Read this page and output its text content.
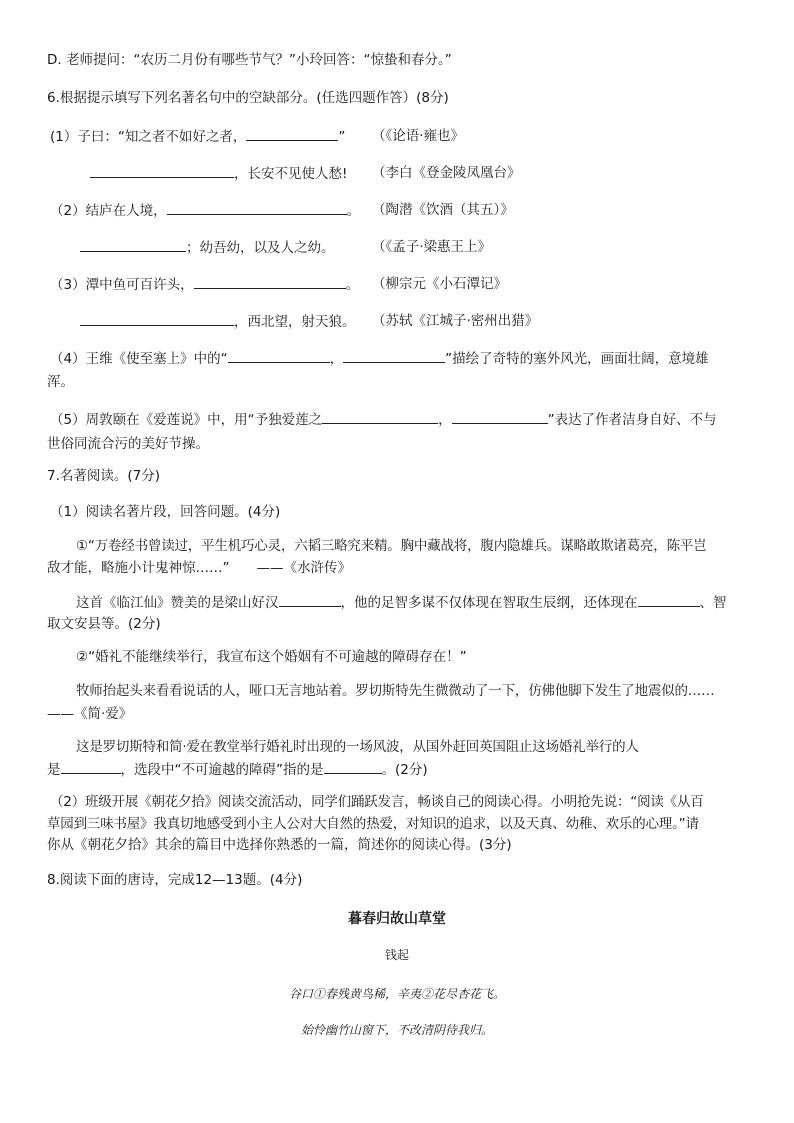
D. 老师提问：“农历二月份有哪些节气？”小玲回答：“惊蛰和春分。”
6.根据提示填写下列名著名句中的空缺部分。(任选四题作答）(8分)
(1）子曰：“知之者不如好之者，	” （《论语·雍也》
，长安不见使人愁! （李白《登金陵凤凰台》
（2）结庐在人境，	。 （陶潜《饮酒（其五）》
；幼吾幼，以及人之幼。	（《孟子·梁惠王上》
（3）潭中鱼可百许头，	。 （柳宗元《小石潭记》
，西北望，射天狼。 （苏轼《江城子·密州出猎》
（4）王维《使至塞上》中的“	，	”描绘了奇特的塞外风光，画面壮阔，意境雄
浑。
（5）周敦颐在《爱莲说》中，用“予独爱莲之	，	”表达了作者洁身自好、不与
世俗同流合污的美好节操。
7.名著阅读。(7分)
（1）阅读名著片段，回答问题。(4分)
①“万卷经书曾读过，平生机巧心灵，六韬三略究来精。胸中藏战将，腹内隐雄兵。谋略敢欺诸葛亮，陈平岂
敌才能，略施小计鬼神惊……”　　——《水浒传》
这首《临江仙》赞美的是梁山好汉	，他的足智多谋不仅体现在智取生辰纲，还体现在	、智
取文安县等。(2分)
②“婚礼不能继续举行，我宣布这个婚姻有不可逾越的障碍存在！”
牧师抬起头来看看说话的人，哑口无言地站着。罗切斯特先生微微动了一下，仿佛他脚下发生了地震似的……
——《简·爱》
这是罗切斯特和简·爱在教堂举行婚礼时出现的一场风波，从国外赶回英国阻止这场婚礼举行的人
是	，选段中“不可逾越的障碍”指的是	。(2分)
（2）班级开展《朝花夕拾》阅读交流活动，同学们踊跃发言，畅谈自己的阅读心得。小明抢先说：“阅读《从百
草园到三味书屋》我真切地感受到小主人公对大自然的热爱，对知识的追求，以及天真、幼稚、欢乐的心理。”请
你从《朝花夕拾》其余的篇目中选择你熟悉的一篇，简述你的阅读心得。(3分)
8.阅读下面的唐诗，完成12—13题。(4分)
暮春归故山草堂
钱起
谷口①春残黄鸟稀，辛夷②花尽杏花飞。
始怜幽竹山窗下，不改清阴待我归。
